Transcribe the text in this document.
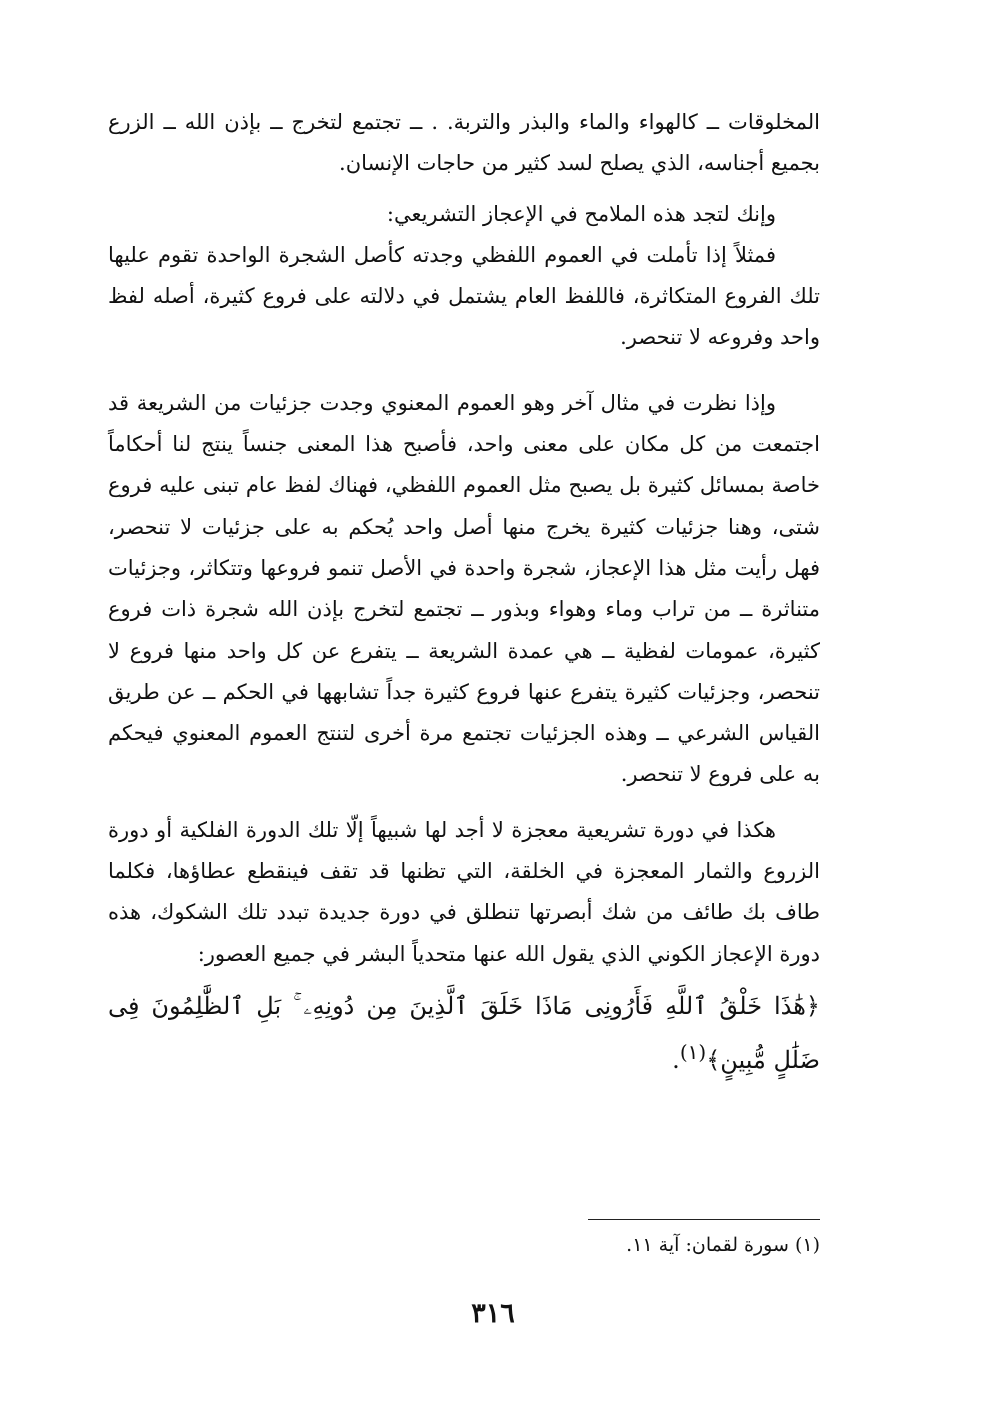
المخلوقات ــ كالهواء والماء والبذر والتربة. . ــ تجتمع لتخرج ــ بإذن الله ــ الزرع بجميع أجناسه، الذي يصلح لسد كثير من حاجات الإنسان.

وإنك لتجد هذه الملامح في الإعجاز التشريعي:

فمثلاً إذا تأملت في العموم اللفظي وجدته كأصل الشجرة الواحدة تقوم عليها تلك الفروع المتكاثرة، فاللفظ العام يشتمل في دلالته على فروع كثيرة، أصله لفظ واحد وفروعه لا تنحصر.

وإذا نظرت في مثال آخر وهو العموم المعنوي وجدت جزئيات من الشريعة قد اجتمعت من كل مكان على معنى واحد، فأصبح هذا المعنى جنساً ينتج لنا أحكاماً خاصة بمسائل كثيرة بل يصبح مثل العموم اللفظي، فهناك لفظ عام تبنى عليه فروع شتى، وهنا جزئيات كثيرة يخرج منها أصل واحد يُحكم به على جزئيات لا تنحصر، فهل رأيت مثل هذا الإعجاز، شجرة واحدة في الأصل تنمو فروعها وتتكاثر، وجزئيات متناثرة ــ من تراب وماء وهواء وبذور ــ تجتمع لتخرج بإذن الله شجرة ذات فروع كثيرة، عمومات لفظية ــ هي عمدة الشريعة ــ يتفرع عن كل واحد منها فروع لا تنحصر، وجزئيات كثيرة يتفرع عنها فروع كثيرة جداً تشابهها في الحكم ــ عن طريق القياس الشرعي ــ وهذه الجزئيات تجتمع مرة أخرى لتنتج العموم المعنوي فيحكم به على فروع لا تنحصر.

هكذا في دورة تشريعية معجزة لا أجد لها شبيهاً إلّا تلك الدورة الفلكية أو دورة الزروع والثمار المعجزة في الخلقة، التي تظنها قد تقف فينقطع عطاؤها، فكلما طاف بك طائف من شك أبصرتها تنطلق في دورة جديدة تبدد تلك الشكوك، هذه دورة الإعجاز الكوني الذي يقول الله عنها متحدياً البشر في جميع العصور:

﴿هَٰذَا خَلْقُ ٱللَّهِ فَأَرُونِى مَاذَا خَلَقَ ٱلَّذِينَ مِن دُونِهِۦ ۚ بَلِ ٱلظَّٰلِمُونَ فِى ضَلَٰلٍ مُّبِينٍ﴾$^{(١)}$.

(١) سورة لقمان: آية ١١.
٣١٦
